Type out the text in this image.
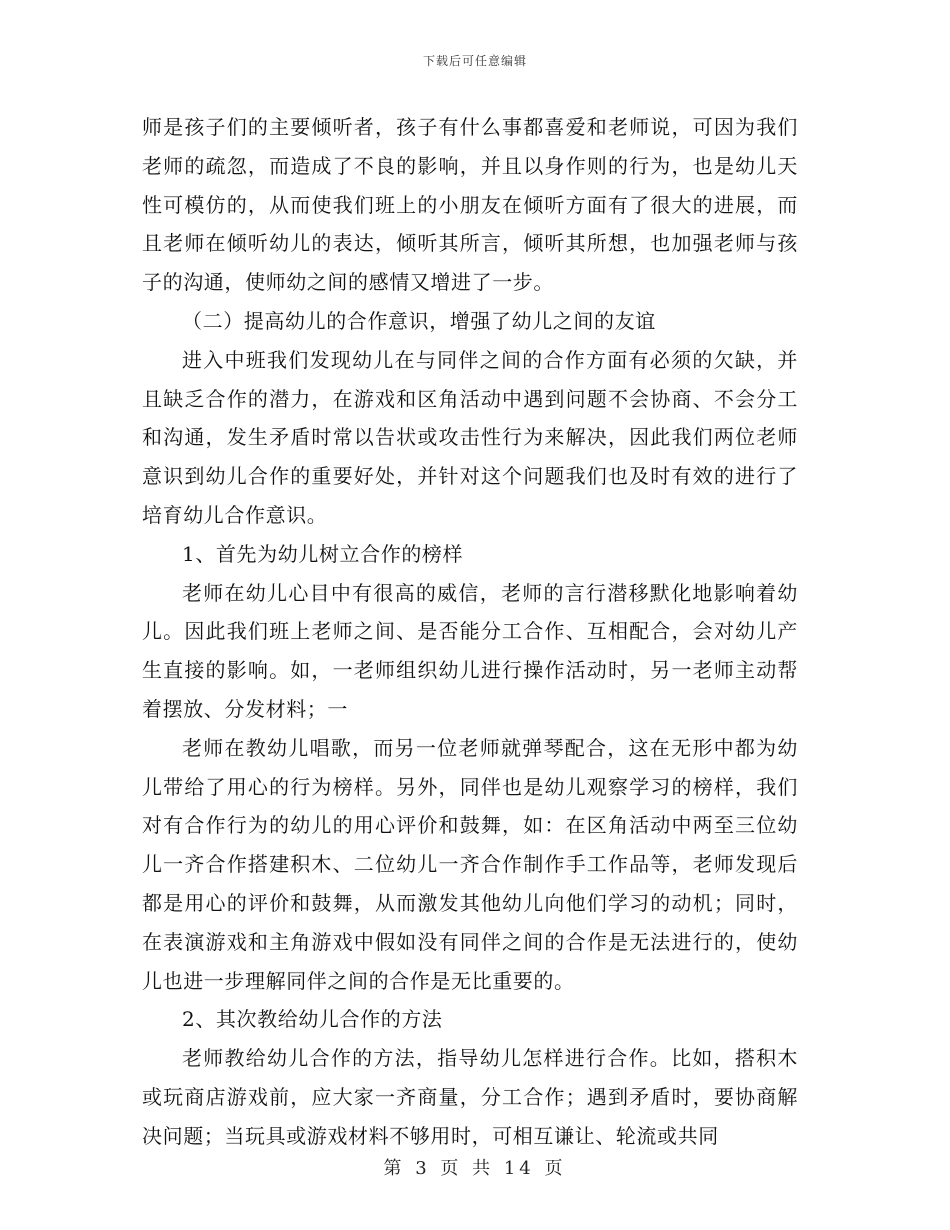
下载后可任意编辑

师是孩子们的主要倾听者，孩子有什么事都喜爱和老师说，可因为我们老师的疏忽，而造成了不良的影响，并且以身作则的行为，也是幼儿天性可模仿的，从而使我们班上的小朋友在倾听方面有了很大的进展，而且老师在倾听幼儿的表达，倾听其所言，倾听其所想，也加强老师与孩子的沟通，使师幼之间的感情又增进了一步。

（二）提高幼儿的合作意识，增强了幼儿之间的友谊

进入中班我们发现幼儿在与同伴之间的合作方面有必须的欠缺，并且缺乏合作的潜力，在游戏和区角活动中遇到问题不会协商、不会分工和沟通，发生矛盾时常以告状或攻击性行为来解决，因此我们两位老师意识到幼儿合作的重要好处，并针对这个问题我们也及时有效的进行了培育幼儿合作意识。

1、首先为幼儿树立合作的榜样

老师在幼儿心目中有很高的威信，老师的言行潜移默化地影响着幼儿。因此我们班上老师之间、是否能分工合作、互相配合，会对幼儿产生直接的影响。如，一老师组织幼儿进行操作活动时，另一老师主动帮着摆放、分发材料；一

老师在教幼儿唱歌，而另一位老师就弹琴配合，这在无形中都为幼儿带给了用心的行为榜样。另外，同伴也是幼儿观察学习的榜样，我们对有合作行为的幼儿的用心评价和鼓舞，如：在区角活动中两至三位幼儿一齐合作搭建积木、二位幼儿一齐合作制作手工作品等，老师发现后都是用心的评价和鼓舞，从而激发其他幼儿向他们学习的动机；同时，在表演游戏和主角游戏中假如没有同伴之间的合作是无法进行的，使幼儿也进一步理解同伴之间的合作是无比重要的。

2、其次教给幼儿合作的方法

老师教给幼儿合作的方法，指导幼儿怎样进行合作。比如，搭积木或玩商店游戏前，应大家一齐商量，分工合作；遇到矛盾时，要协商解决问题；当玩具或游戏材料不够用时，可相互谦让、轮流或共同

第 3 页 共 14 页
